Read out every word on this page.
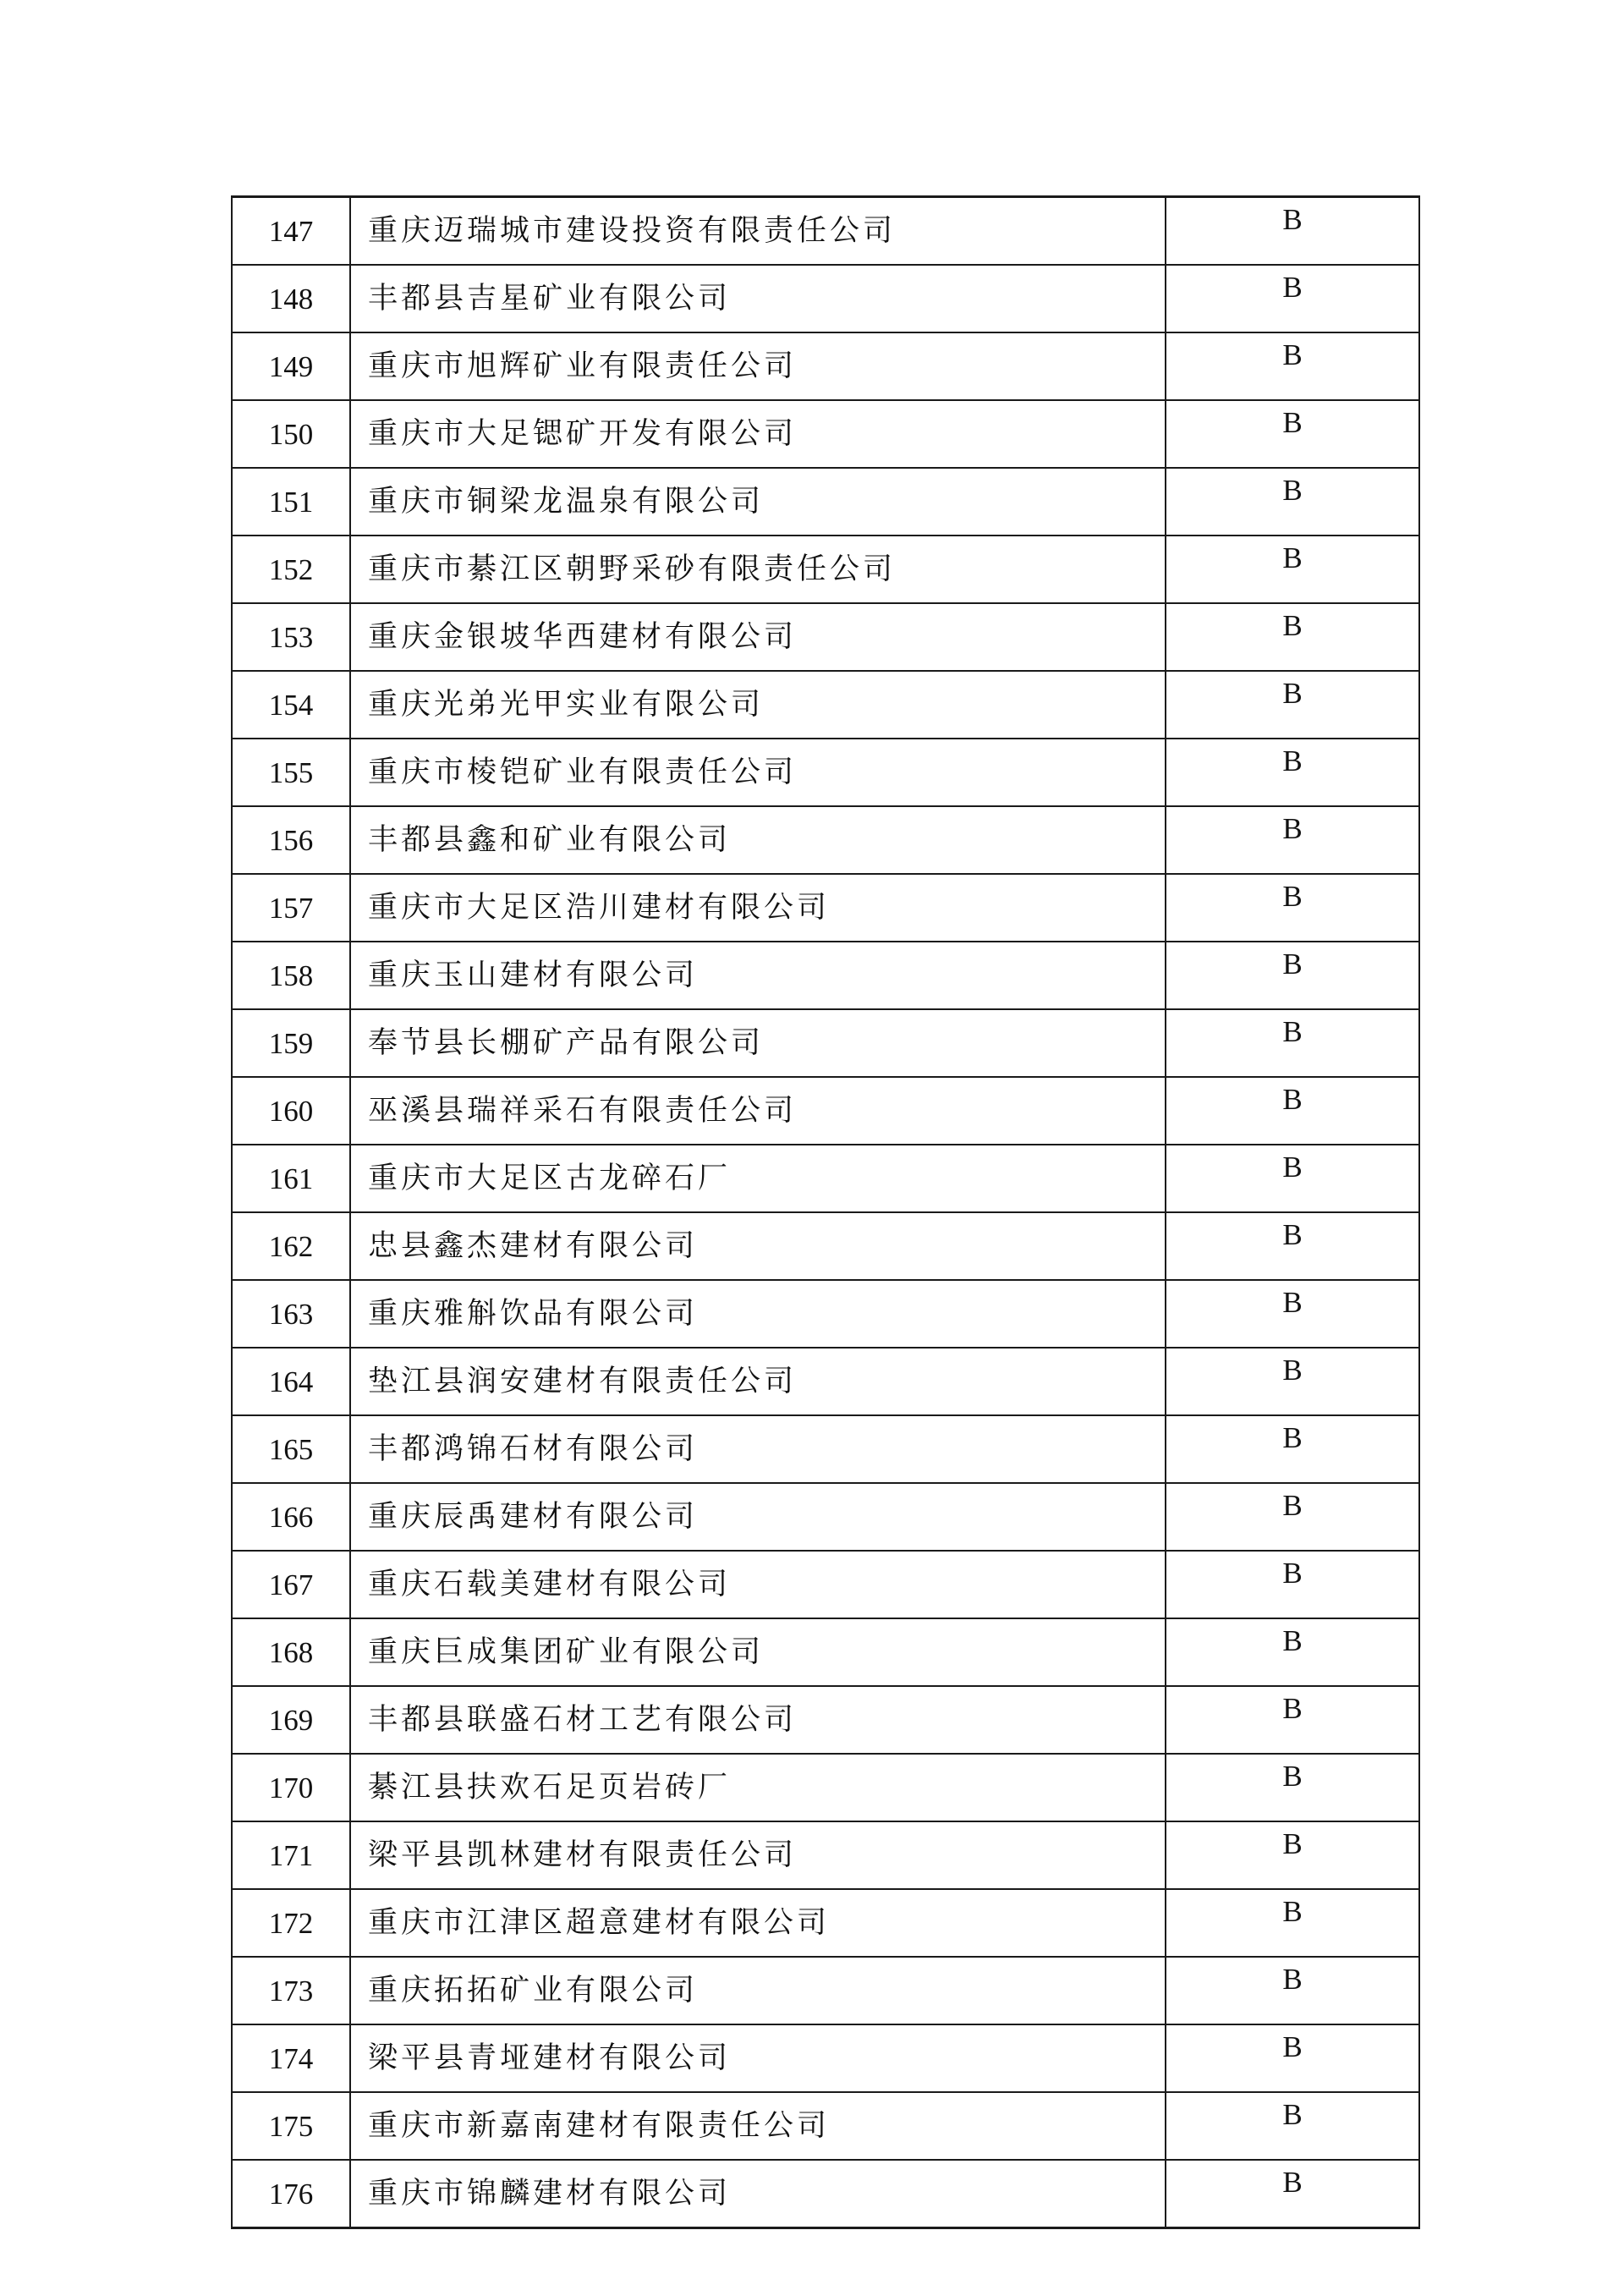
147	重庆迈瑞城市建设投资有限责任公司	B
148	丰都县吉星矿业有限公司	B
149	重庆市旭辉矿业有限责任公司	B
150	重庆市大足锶矿开发有限公司	B
151	重庆市铜梁龙温泉有限公司	B
152	重庆市綦江区朝野采砂有限责任公司	B
153	重庆金银坡华西建材有限公司	B
154	重庆光弟光甲实业有限公司	B
155	重庆市棱铠矿业有限责任公司	B
156	丰都县鑫和矿业有限公司	B
157	重庆市大足区浩川建材有限公司	B
158	重庆玉山建材有限公司	B
159	奉节县长棚矿产品有限公司	B
160	巫溪县瑞祥采石有限责任公司	B
161	重庆市大足区古龙碎石厂	B
162	忠县鑫杰建材有限公司	B
163	重庆雅斛饮品有限公司	B
164	垫江县润安建材有限责任公司	B
165	丰都鸿锦石材有限公司	B
166	重庆辰禹建材有限公司	B
167	重庆石载美建材有限公司	B
168	重庆巨成集团矿业有限公司	B
169	丰都县联盛石材工艺有限公司	B
170	綦江县扶欢石足页岩砖厂	B
171	梁平县凯林建材有限责任公司	B
172	重庆市江津区超意建材有限公司	B
173	重庆拓拓矿业有限公司	B
174	梁平县青垭建材有限公司	B
175	重庆市新嘉南建材有限责任公司	B
176	重庆市锦麟建材有限公司	B
